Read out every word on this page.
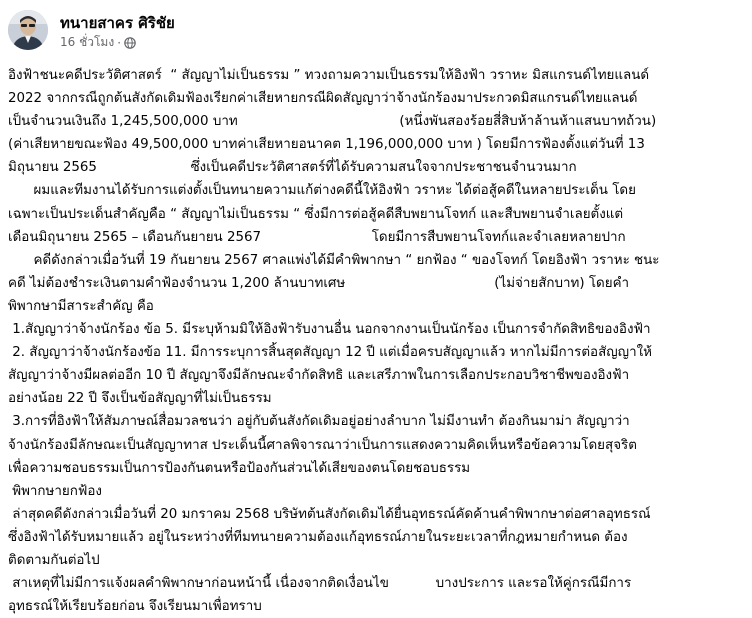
ทนายสาคร ศิริชัย
16 ชั่วโมง ·
อิงฟ้าชนะคดีประวัติศาสตร์  “ สัญญาไม่เป็นธรรม ” ทวงถามความเป็นธรรมให้อิงฟ้า วราหะ มิสแกรนด์ไทยแลนด์
2022 จากกรณีถูกต้นสังกัดเดิมฟ้องเรียกค่าเสียหายกรณีผิดสัญญาว่าจ้างนักร้องมาประกวดมิสแกรนด์ไทยแลนด์
เป็นจำนวนเงินถึง 1,245,500,000 บาท                                      (หนึ่งพันสองร้อยสี่สิบห้าล้านห้าแสนบาทถ้วน)
(ค่าเสียหายขณะฟ้อง 49,500,000 บาทค่าเสียหายอนาคต 1,196,000,000 บาท ) โดยมีการฟ้องตั้งแต่วันที่ 13
มิถุนายน 2565                      ซึ่งเป็นคดีประวัติศาสตร์ที่ได้รับความสนใจจากประชาชนจำนวนมาก
ผมและทีมงานได้รับการแต่งตั้งเป็นทนายความแก้ต่างคดีนี้ให้อิงฟ้า วราหะ ได้ต่อสู้คดีในหลายประเด็น โดย
เฉพาะเป็นประเด็นสำคัญคือ “ สัญญาไม่เป็นธรรม “ ซึ่งมีการต่อสู้คดีสืบพยานโจทก์ และสืบพยานจำเลยตั้งแต่
เดือนมิถุนายน 2565 – เดือนกันยายน 2567                          โดยมีการสืบพยานโจทก์และจำเลยหลายปาก
คดีดังกล่าวเมื่อวันที่ 19 กันยายน 2567 ศาลแพ่งได้มีคำพิพากษา “ ยกฟ้อง “ ของโจทก์ โดยอิงฟ้า วราหะ ชนะ
คดี ไม่ต้องชำระเงินตามคำฟ้องจำนวน 1,200 ล้านบาทเศษ                                   (ไม่จ่ายสักบาท) โดยคำ
พิพากษามีสาระสำคัญ คือ
1.สัญญาว่าจ้างนักร้อง ข้อ 5. มีระบุห้ามมิให้อิงฟ้ารับงานอื่น นอกจากงานเป็นนักร้อง เป็นการจำกัดสิทธิของอิงฟ้า
2. สัญญาว่าจ้างนักร้องข้อ 11. มีการระบุการสิ้นสุดสัญญา 12 ปี แต่เมื่อครบสัญญาแล้ว หากไม่มีการต่อสัญญาให้
สัญญาว่าจ้างมีผลต่ออีก 10 ปี สัญญาจึงมีลักษณะจำกัดสิทธิ และเสรีภาพในการเลือกประกอบวิชาชีพของอิงฟ้า
อย่างน้อย 22 ปี จึงเป็นข้อสัญญาที่ไม่เป็นธรรม
3.การที่อิงฟ้าให้สัมภาษณ์สื่อมวลชนว่า อยู่กับต้นสังกัดเดิมอยู่อย่างลำบาก ไม่มีงานทำ ต้องกินมาม่า สัญญาว่า
จ้างนักร้องมีลักษณะเป็นสัญญาทาส ประเด็นนี้ศาลพิจารณาว่าเป็นการแสดงความคิดเห็นหรือข้อความโดยสุจริต
เพื่อความชอบธรรมเป็นการป้องกันตนหรือป้องกันส่วนได้เสียของตนโดยชอบธรรม
พิพากษายกฟ้อง
ล่าสุดคดีดังกล่าวเมื่อวันที่ 20 มกราคม 2568 บริษัทต้นสังกัดเดิมได้ยื่นอุทธรณ์คัดค้านคำพิพากษาต่อศาลอุทธรณ์
ซึ่งอิงฟ้าได้รับหมายแล้ว อยู่ในระหว่างที่ทีมทนายความต้องแก้อุทธรณ์ภายในระยะเวลาที่กฎหมายกำหนด ต้อง
ติดตามกันต่อไป
สาเหตุที่ไม่มีการแจ้งผลคำพิพากษาก่อนหน้านี้ เนื่องจากติดเงื่อนไข           บางประการ และรอให้คู่กรณีมีการ
อุทธรณ์ให้เรียบร้อยก่อน จึงเรียนมาเพื่อทราบ
